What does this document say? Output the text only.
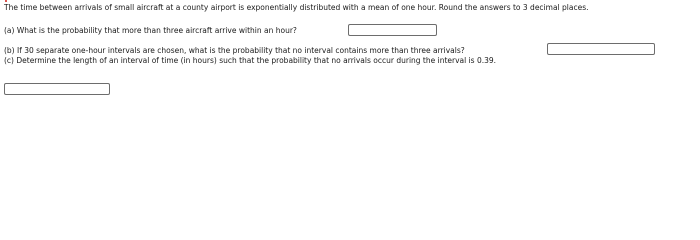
The time between arrivals of small aircraft at a county airport is exponentially distributed with a mean of one hour. Round the answers to 3 decimal places.
(a) What is the probability that more than three aircraft arrive within an hour?
(b) If 30 separate one-hour intervals are chosen, what is the probability that no interval contains more than three arrivals?
(c) Determine the length of an interval of time (in hours) such that the probability that no arrivals occur during the interval is 0.39.
